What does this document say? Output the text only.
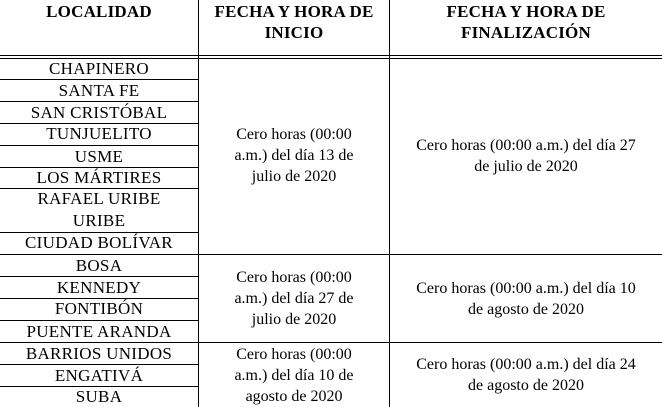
LOCALIDAD	FECHA Y HORA DE
INICIO
FECHA Y HORA DE
FINALIZACIÓN
CHAPINERO
SANTA FE
SAN CRISTÓBAL
TUNJUELITO
USME
LOS MÁRTIRES
RAFAEL URIBE
URIBE
CIUDAD BOLÍVAR
Cero horas (00:00
a.m.) del día 13 de
julio de 2020
Cero horas (00:00 a.m.) del día 27
de julio de 2020
BOSA
KENNEDY
FONTIBÓN
PUENTE ARANDA
Cero horas (00:00
a.m.) del día 27 de
julio de 2020
Cero horas (00:00 a.m.) del día 10
de agosto de 2020
BARRIOS UNIDOS
ENGATIVÁ
SUBA
Cero horas (00:00
a.m.) del día 10 de
agosto de 2020
Cero horas (00:00 a.m.) del día 24
de agosto de 2020
